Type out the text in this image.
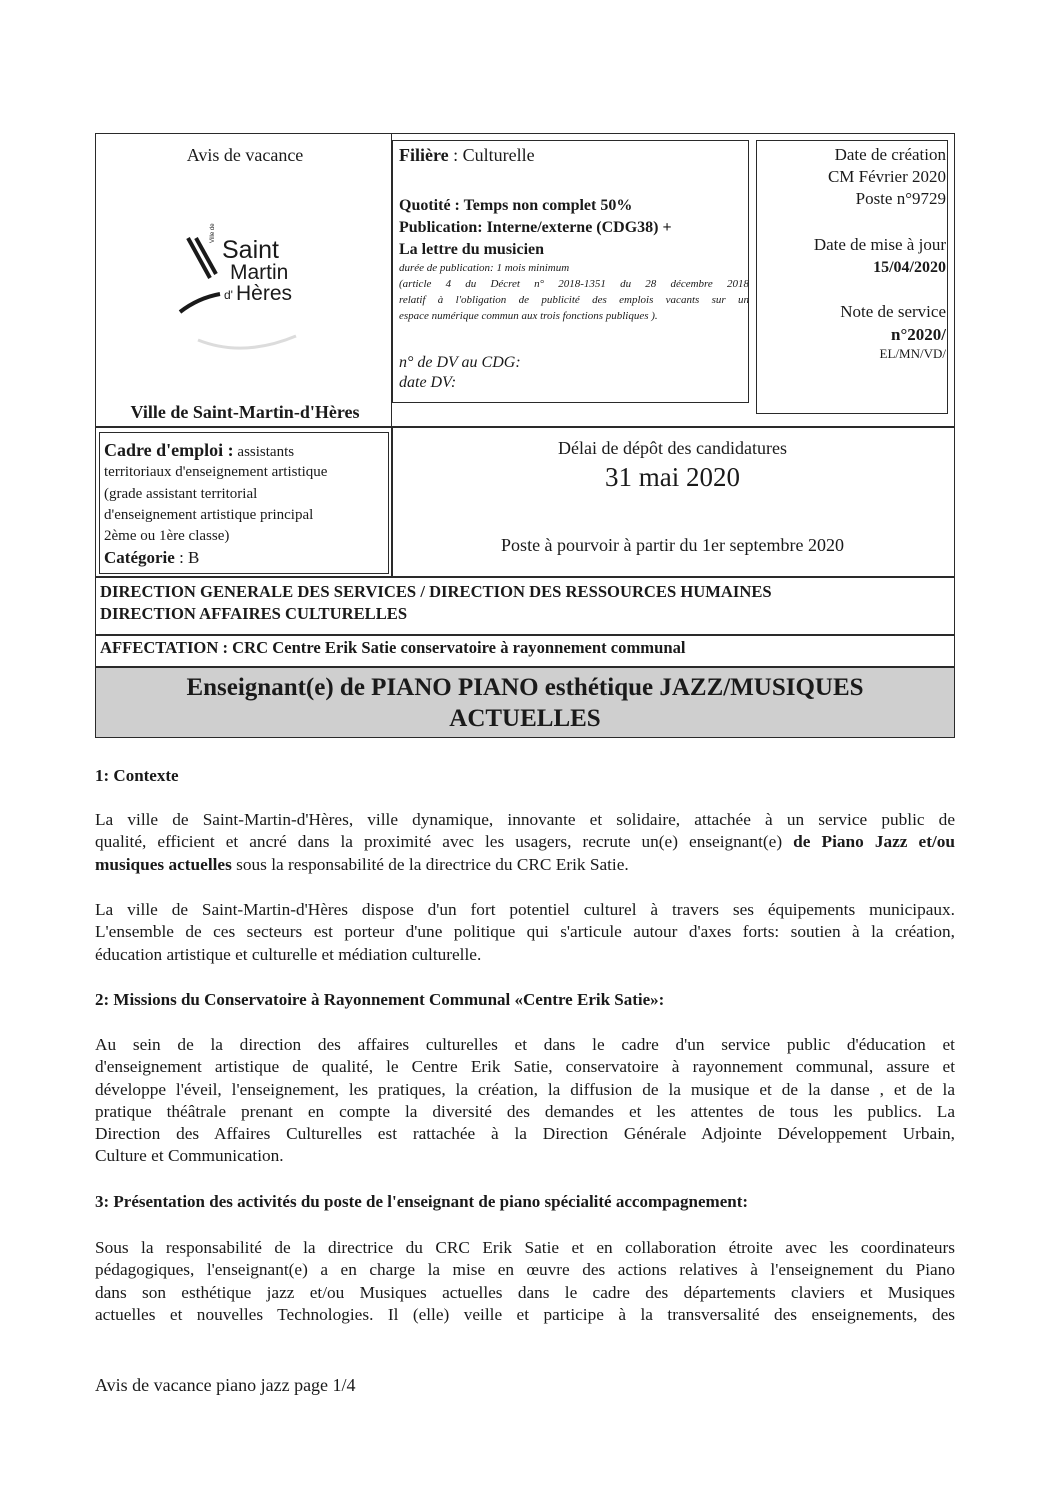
Avis de vacance
Ville de
Saint
Martin
d' Hères
Ville de Saint-Martin-d'Hères
Filière : Culturelle
Quotité : Temps non complet 50%
Publication: Interne/externe (CDG38) +
La lettre du musicien
durée de publication: 1 mois minimum
(article 4 du Décret n° 2018-1351 du 28 décembre 2018
relatif à l'obligation de publicité des emplois vacants sur un
espace numérique commun aux trois fonctions publiques ).
n° de DV au CDG:
date DV:
Date de création
CM Février 2020
Poste n°9729
Date de mise à jour
15/04/2020
Note de service
n°2020/
EL/MN/VD/
Cadre d'emploi : assistants
territoriaux d'enseignement artistique
(grade assistant territorial
d'enseignement artistique principal
2ème ou 1ère classe)
Catégorie : B
Délai de dépôt des candidatures
31 mai 2020
Poste à pourvoir à partir du 1er septembre 2020
DIRECTION GENERALE DES SERVICES / DIRECTION DES RESSOURCES HUMAINES
DIRECTION AFFAIRES CULTURELLES
AFFECTATION : CRC Centre Erik Satie conservatoire à rayonnement communal
Enseignant(e) de PIANO PIANO esthétique JAZZ/MUSIQUES
ACTUELLES
1: Contexte
La ville de Saint-Martin-d'Hères, ville dynamique, innovante et solidaire, attachée à un service public de
qualité, efficient et ancré dans la proximité avec les usagers, recrute un(e) enseignant(e) de Piano Jazz et/ou
musiques actuelles sous la responsabilité de la directrice du CRC Erik Satie.
La ville de Saint-Martin-d'Hères dispose d'un fort potentiel culturel à travers ses équipements municipaux.
L'ensemble de ces secteurs est porteur d'une politique qui s'articule autour d'axes forts: soutien à la création,
éducation artistique et culturelle et médiation culturelle.
2: Missions du Conservatoire à Rayonnement Communal «Centre Erik Satie»:
Au sein de la direction des affaires culturelles et dans le cadre d'un service public d'éducation et
d'enseignement artistique de qualité, le Centre Erik Satie, conservatoire à rayonnement communal, assure et
développe l'éveil, l'enseignement, les pratiques, la création, la diffusion de la musique et de la danse , et de la
pratique théâtrale prenant en compte la diversité des demandes et les attentes de tous les publics. La
Direction des Affaires Culturelles est rattachée à la Direction Générale Adjointe Développement Urbain,
Culture et Communication.
3: Présentation des activités du poste de l'enseignant de piano spécialité accompagnement:
Sous la responsabilité de la directrice du CRC Erik Satie et en collaboration étroite avec les coordinateurs
pédagogiques, l'enseignant(e) a en charge la mise en œuvre des actions relatives à l'enseignement du Piano
dans son esthétique jazz et/ou Musiques actuelles dans le cadre des départements claviers et Musiques
actuelles et nouvelles Technologies. Il (elle) veille et participe à la transversalité des enseignements, des
Avis de vacance piano jazz page 1/4
